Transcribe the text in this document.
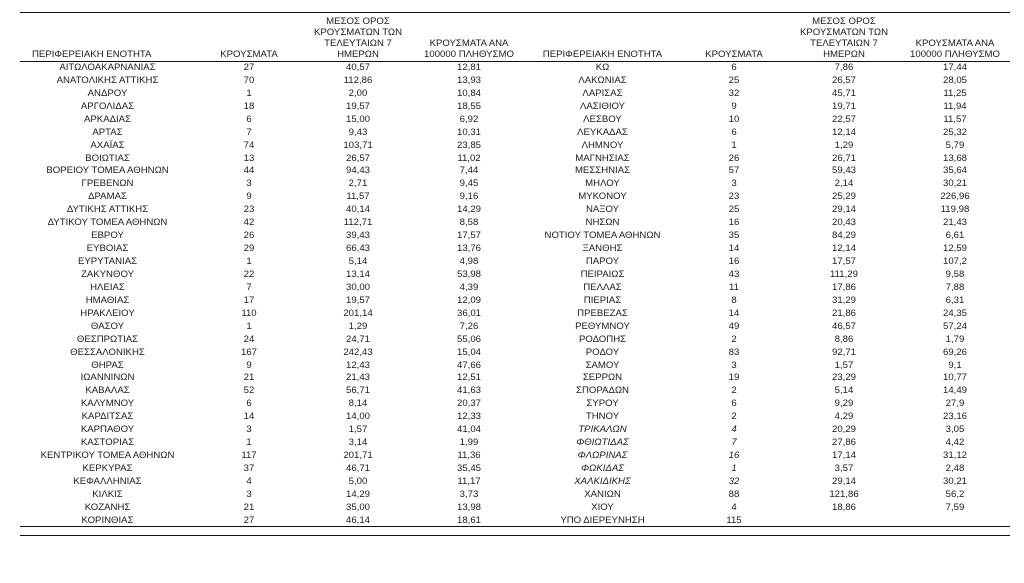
ΠΕΡΙΦΕΡΕΙΑΚΗ ΕΝΟΤΗΤΑ	ΚΡΟΥΣΜΑΤΑ	ΜΕΣΟΣ ΟΡΟΣ ΚΡΟΥΣΜΑΤΩΝ ΤΩΝ ΤΕΛΕΥΤΑΙΩΝ 7 ΗΜΕΡΩΝ	ΚΡΟΥΣΜΑΤΑ ΑΝΑ 100000 ΠΛΗΘΥΣΜΟ	ΠΕΡΙΦΕΡΕΙΑΚΗ ΕΝΟΤΗΤΑ	ΚΡΟΥΣΜΑΤΑ	ΜΕΣΟΣ ΟΡΟΣ ΚΡΟΥΣΜΑΤΩΝ ΤΩΝ ΤΕΛΕΥΤΑΙΩΝ 7 ΗΜΕΡΩΝ	ΚΡΟΥΣΜΑΤΑ ΑΝΑ 100000 ΠΛΗΘΥΣΜΟ
ΑΙΤΩΛΟΑΚΑΡΝΑΝΙΑΣ	27	40,57	12,81	ΚΩ	6	7,86	17,44
ΑΝΑΤΟΛΙΚΗΣ ΑΤΤΙΚΗΣ	70	112,86	13,93	ΛΑΚΩΝΙΑΣ	25	26,57	28,05
ΑΝΔΡΟΥ	1	2,00	10,84	ΛΑΡΙΣΑΣ	32	45,71	11,25
ΑΡΓΟΛΙΔΑΣ	18	19,57	18,55	ΛΑΣΙΘΙΟΥ	9	19,71	11,94
ΑΡΚΑΔΙΑΣ	6	15,00	6,92	ΛΕΣΒΟΥ	10	22,57	11,57
ΑΡΤΑΣ	7	9,43	10,31	ΛΕΥΚΑΔΑΣ	6	12,14	25,32
ΑΧΑΪΑΣ	74	103,71	23,85	ΛΗΜΝΟΥ	1	1,29	5,79
ΒΟΙΩΤΙΑΣ	13	26,57	11,02	ΜΑΓΝΗΣΙΑΣ	26	26,71	13,68
ΒΟΡΕΙΟΥ ΤΟΜΕΑ ΑΘΗΝΩΝ	44	94,43	7,44	ΜΕΣΣΗΝΙΑΣ	57	59,43	35,64
ΓΡΕΒΕΝΩΝ	3	2,71	9,45	ΜΗΛΟΥ	3	2,14	30,21
ΔΡΑΜΑΣ	9	11,57	9,16	ΜΥΚΟΝΟΥ	23	25,29	226,96
ΔΥΤΙΚΗΣ ΑΤΤΙΚΗΣ	23	40,14	14,29	ΝΑΞΟΥ	25	29,14	119,98
ΔΥΤΙΚΟΥ ΤΟΜΕΑ ΑΘΗΝΩΝ	42	112,71	8,58	ΝΗΣΩΝ	16	20,43	21,43
ΕΒΡΟΥ	26	39,43	17,57	ΝΟΤΙΟΥ ΤΟΜΕΑ ΑΘΗΝΩΝ	35	84,29	6,61
ΕΥΒΟΙΑΣ	29	66,43	13,76	ΞΑΝΘΗΣ	14	12,14	12,59
ΕΥΡΥΤΑΝΙΑΣ	1	5,14	4,98	ΠΑΡΟΥ	16	17,57	107,2
ΖΑΚΥΝΘΟΥ	22	13,14	53,98	ΠΕΙΡΑΙΩΣ	43	111,29	9,58
ΗΛΕΙΑΣ	7	30,00	4,39	ΠΕΛΛΑΣ	11	17,86	7,88
ΗΜΑΘΙΑΣ	17	19,57	12,09	ΠΙΕΡΙΑΣ	8	31,29	6,31
ΗΡΑΚΛΕΙΟΥ	110	201,14	36,01	ΠΡΕΒΕΖΑΣ	14	21,86	24,35
ΘΑΣΟΥ	1	1,29	7,26	ΡΕΘΥΜΝΟΥ	49	46,57	57,24
ΘΕΣΠΡΩΤΙΑΣ	24	24,71	55,06	ΡΟΔΟΠΗΣ	2	8,86	1,79
ΘΕΣΣΑΛΟΝΙΚΗΣ	167	242,43	15,04	ΡΟΔΟΥ	83	92,71	69,26
ΘΗΡΑΣ	9	12,43	47,66	ΣΑΜΟΥ	3	1,57	9,1
ΙΩΑΝΝΙΝΩΝ	21	21,43	12,51	ΣΕΡΡΩΝ	19	23,29	10,77
ΚΑΒΑΛΑΣ	52	56,71	41,63	ΣΠΟΡΑΔΩΝ	2	5,14	14,49
ΚΑΛΥΜΝΟΥ	6	8,14	20,37	ΣΥΡΟΥ	6	9,29	27,9
ΚΑΡΔΙΤΣΑΣ	14	14,00	12,33	ΤΗΝΟΥ	2	4,29	23,16
ΚΑΡΠΑΘΟΥ	3	1,57	41,04	ΤΡΙΚΑΛΩΝ	4	20,29	3,05
ΚΑΣΤΟΡΙΑΣ	1	3,14	1,99	ΦΘΙΩΤΙΔΑΣ	7	27,86	4,42
ΚΕΝΤΡΙΚΟΥ ΤΟΜΕΑ ΑΘΗΝΩΝ	117	201,71	11,36	ΦΛΩΡΙΝΑΣ	16	17,14	31,12
ΚΕΡΚΥΡΑΣ	37	46,71	35,45	ΦΩΚΙΔΑΣ	1	3,57	2,48
ΚΕΦΑΛΛΗΝΙΑΣ	4	5,00	11,17	ΧΑΛΚΙΔΙΚΗΣ	32	29,14	30,21
ΚΙΛΚΙΣ	3	14,29	3,73	ΧΑΝΙΩΝ	88	121,86	56,2
ΚΟΖΑΝΗΣ	21	35,00	13,98	ΧΙΟΥ	4	18,86	7,59
ΚΟΡΙΝΘΙΑΣ	27	46,14	18,61	ΥΠΟ ΔΙΕΡΕΥΝΗΣΗ	115		
